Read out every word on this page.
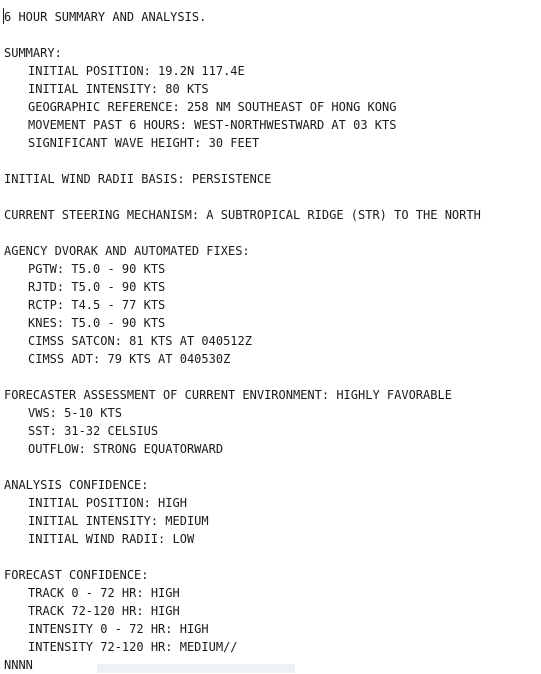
6 HOUR SUMMARY AND ANALYSIS.
SUMMARY:
INITIAL POSITION: 19.2N 117.4E
INITIAL INTENSITY: 80 KTS
GEOGRAPHIC REFERENCE: 258 NM SOUTHEAST OF HONG KONG
MOVEMENT PAST 6 HOURS: WEST-NORTHWESTWARD AT 03 KTS
SIGNIFICANT WAVE HEIGHT: 30 FEET
INITIAL WIND RADII BASIS: PERSISTENCE
CURRENT STEERING MECHANISM: A SUBTROPICAL RIDGE (STR) TO THE NORTH
AGENCY DVORAK AND AUTOMATED FIXES:
PGTW: T5.0 - 90 KTS
RJTD: T5.0 - 90 KTS
RCTP: T4.5 - 77 KTS
KNES: T5.0 - 90 KTS
CIMSS SATCON: 81 KTS AT 040512Z
CIMSS ADT: 79 KTS AT 040530Z
FORECASTER ASSESSMENT OF CURRENT ENVIRONMENT: HIGHLY FAVORABLE
VWS: 5-10 KTS
SST: 31-32 CELSIUS
OUTFLOW: STRONG EQUATORWARD
ANALYSIS CONFIDENCE:
INITIAL POSITION: HIGH
INITIAL INTENSITY: MEDIUM
INITIAL WIND RADII: LOW
FORECAST CONFIDENCE:
TRACK 0 - 72 HR: HIGH
TRACK 72-120 HR: HIGH
INTENSITY 0 - 72 HR: HIGH
INTENSITY 72-120 HR: MEDIUM//
NNNN
